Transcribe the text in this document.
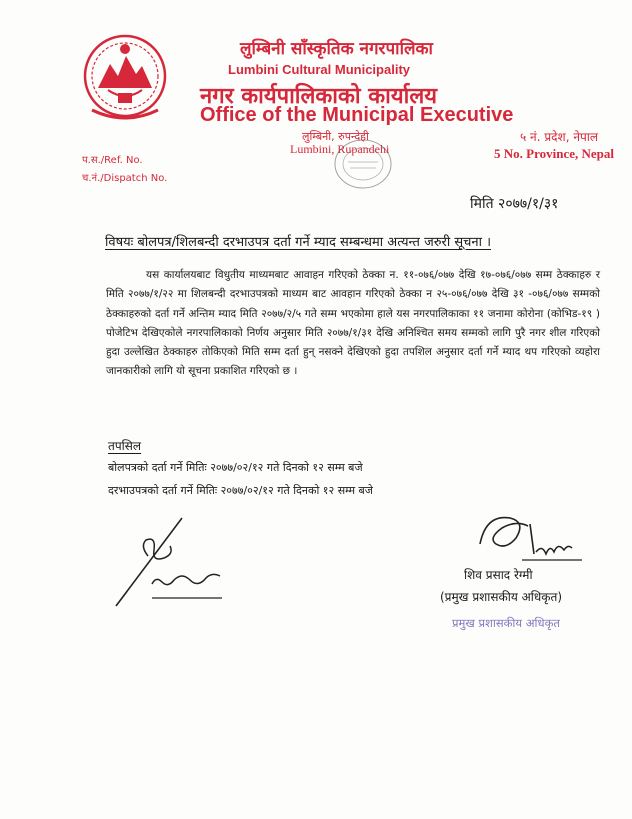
लुम्बिनी साँस्कृतिक नगरपालिका
Lumbini Cultural Municipality
नगर कार्यपालिकाको कार्यालय
Office of the Municipal Executive
लुम्बिनी, रुपन्देही
Lumbini, Rupandehi
५ नं. प्रदेश, नेपाल
5 No. Province, Nepal
प.स./Ref. No.
च.नं./Dispatch No.
मिति २०७७/१/३१
विषयः बोलपत्र/शिलबन्दी दरभाउपत्र दर्ता गर्ने म्याद सम्बन्धमा अत्यन्त जरुरी सूचना ।
यस कार्यालयबाट विधुतीय माध्यमबाट आवाहन गरिएको ठेक्का न. ११-०७६/०७७ देखि १७-०७६/०७७ सम्म ठेक्काहरु र मिति २०७७/१/२२ मा शिलबन्दी दरभाउपत्रको माध्यम बाट आवहान गरिएको ठेक्का न २५-०७६/०७७ देखि ३१ -०७६/०७७ सम्मको ठेक्काहरुको दर्ता गर्ने अन्तिम म्याद मिति २०७७/२/५ गते सम्म भएकोमा हाले यस नगरपालिकाका ११ जनामा कोरोना (कोभिड-१९ ) पोजेटिभ देखिएकोले नगरपालिकाको निर्णय अनुसार मिति २०७७/१/३१ देखि अनिश्चित समय सम्मको लागि पुरै नगर शील गरिएको हुदा उल्लेखित ठेक्काहरु तोकिएको मिति सम्म दर्ता हुन् नसक्ने देखिएको हुदा तपशिल अनुसार दर्ता गर्ने म्याद थप गरिएको व्यहोरा जानकारीको लागि यो सूचना प्रकाशित गरिएको छ ।
तपसिल
बोलपत्रको दर्ता गर्ने मितिः २०७७/०२/१२ गते दिनको १२ सम्म बजे
दरभाउपत्रको दर्ता गर्ने मितिः २०७७/०२/१२ गते दिनको १२ सम्म बजे
शिव प्रसाद रेग्मी
(प्रमुख प्रशासकीय अधिकृत)
प्रमुख प्रशासकीय अधिकृत
